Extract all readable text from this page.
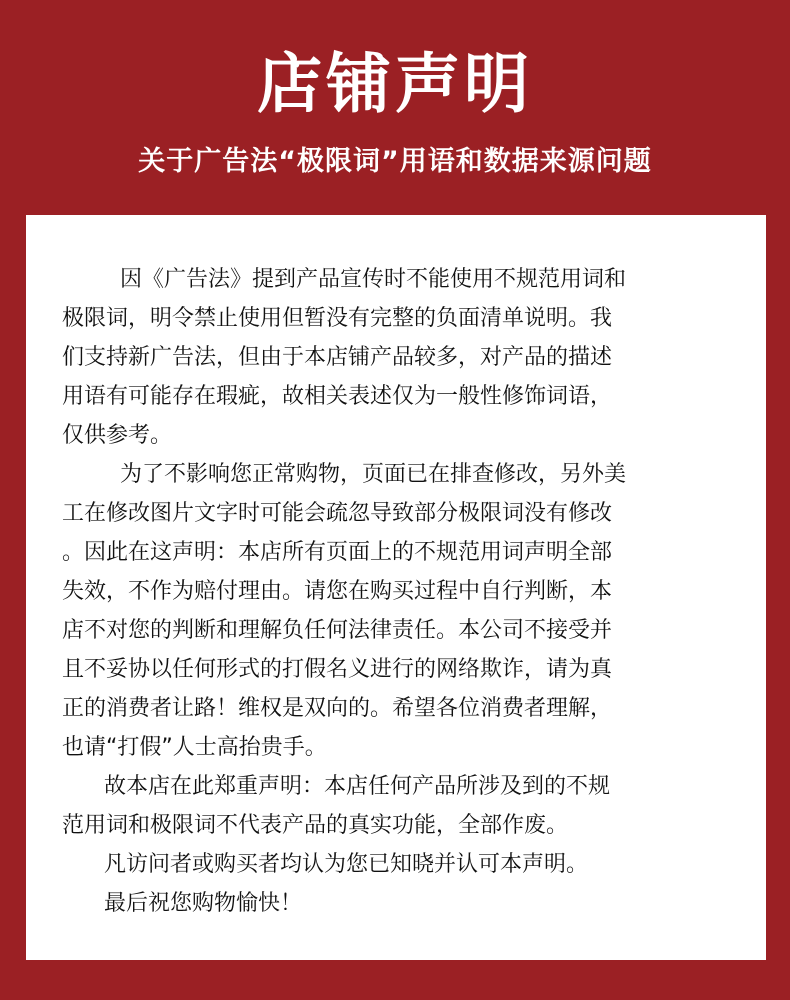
店铺声明
关于广告法“极限词”用语和数据来源问题
因《广告法》提到产品宣传时不能使用不规范用词和
极限词，明令禁止使用但暂没有完整的负面清单说明。我
们支持新广告法，但由于本店铺产品较多，对产品的描述
用语有可能存在瑕疵，故相关表述仅为一般性修饰词语，
仅供参考。
为了不影响您正常购物，页面已在排查修改，另外美
工在修改图片文字时可能会疏忽导致部分极限词没有修改
。因此在这声明：本店所有页面上的不规范用词声明全部
失效，不作为赔付理由。请您在购买过程中自行判断，本
店不对您的判断和理解负任何法律责任。本公司不接受并
且不妥协以任何形式的打假名义进行的网络欺诈，请为真
正的消费者让路！维权是双向的。希望各位消费者理解，
也请“打假”人士高抬贵手。
故本店在此郑重声明：本店任何产品所涉及到的不规
范用词和极限词不代表产品的真实功能，全部作废。
凡访问者或购买者均认为您已知晓并认可本声明。
最后祝您购物愉快！
